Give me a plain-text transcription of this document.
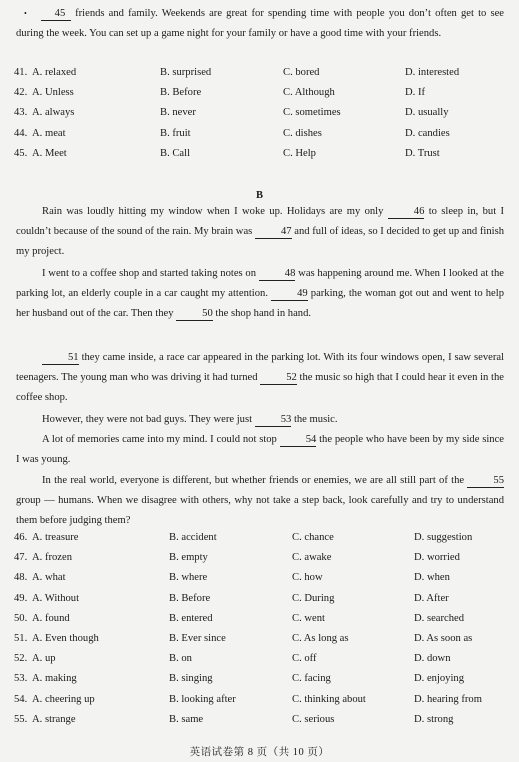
•	45 friends and family. Weekends are great for spending time with people you don’t often get to see during the week. You can set up a game night for your family or have a good time with your friends.
41. A. relaxed	B. surprised	C. bored	D. interested
42. A. Unless	B. Before	C. Although	D. If
43. A. always	B. never	C. sometimes	D. usually
44. A. meat	B. fruit	C. dishes	D. candies
45. A. Meet	B. Call	C. Help	D. Trust
B
Rain was loudly hitting my window when I woke up. Holidays are my only	46 to sleep in, but I couldn’t because of the sound of the rain. My brain was	47 and full of ideas, so I decided to get up and finish my project.
I went to a coffee shop and started taking notes on	48 was happening around me. When I looked at the parking lot, an elderly couple in a car caught my attention.	49 parking, the woman got out and went to help her husband out of the car. Then they	50 the shop hand in hand.
51 they came inside, a race car appeared in the parking lot. With its four windows open, I saw several teenagers. The young man who was driving it had turned	52 the music so high that I could hear it even in the coffee shop.
However, they were not bad guys. They were just	53 the music.
A lot of memories came into my mind. I could not stop	54 the people who have been by my side since I was young.
In the real world, everyone is different, but whether friends or enemies, we are all still part of the	55 group — humans. When we disagree with others, why not take a step back, look carefully and try to understand them before judging them?
46. A. treasure	B. accident	C. chance	D. suggestion
47. A. frozen	B. empty	C. awake	D. worried
48. A. what	B. where	C. how	D. when
49. A. Without	B. Before	C. During	D. After
50. A. found	B. entered	C. went	D. searched
51. A. Even though	B. Ever since	C. As long as	D. As soon as
52. A. up	B. on	C. off	D. down
53. A. making	B. singing	C. facing	D. enjoying
54. A. cheering up	B. looking after	C. thinking about	D. hearing from
55. A. strange	B. same	C. serious	D. strong
英语试卷第 8 页（共 10 页）
